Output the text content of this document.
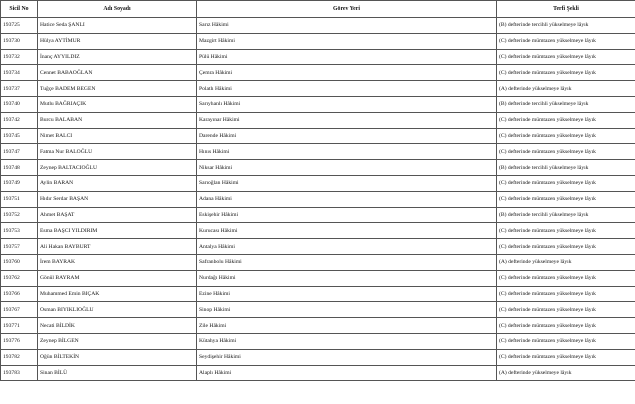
Sicil No	Adı Soyadı	Görev Yeri	Terfi Şekli
193725	Hatice Seda ŞANLI	Sarız Hâkimi	(B) defterinde tercihli yükselmeye lâyık
193730	Hülya AYTİMUR	Mazgirt Hâkimi	(C) defterinde mümtazen yükselmeye lâyık
193732	İnanç AYYILDIZ	Pülü Hâkimi	(C) defterinde mümtazen yükselmeye lâyık
193734	Cennet BABAOĞLAN	Çemra Hâkimi	(C) defterinde mümtazen yükselmeye lâyık
193737	Tuğçe BADEM BEGEN	Polatlı Hâkimi	(A) defterinde yükselmeye lâyık
193740	Mutlu BAĞRIAÇIK	Sarıyhanlı Hâkimi	(B) defterinde tercihli yükselmeye lâyık
193742	Burcu BALABAN	Karayınar Hâkimi	(C) defterinde mümtazen yükselmeye lâyık
193745	Nimet BALCI	Darende Hâkimi	(C) defterinde mümtazen yükselmeye lâyık
193747	Fatma Nur BALOĞLU	Hınıs Hâkimi	(C) defterinde mümtazen yükselmeye lâyık
193748	Zeynep BALTACIOĞLU	Niksar Hâkimi	(B) defterinde tercihli yükselmeye lâyık
193749	Aylin BARAN	Sarıoğlan Hâkimi	(C) defterinde mümtazen yükselmeye lâyık
193751	Hıdır Serdar BAŞAN	Adana Hâkimi	(C) defterinde mümtazen yükselmeye lâyık
193752	Ahmet BAŞAT	Eskişehir Hâkimi	(B) defterinde tercihli yükselmeye lâyık
193753	Esma BAŞCI YILDIRIM	Kurucası Hâkimi	(C) defterinde mümtazen yükselmeye lâyık
193757	Ali Hakan BAYBURT	Antalya Hâkimi	(C) defterinde mümtazen yükselmeye lâyık
193760	İrem BAYRAK	Safranbolu Hâkimi	(A) defterinde yükselmeye lâyık
193762	Gönül BAYRAM	Nurdağı Hâkimi	(C) defterinde mümtazen yükselmeye lâyık
193766	Muhammed Emin BIÇAK	Ezine Hâkimi	(C) defterinde mümtazen yükselmeye lâyık
193767	Osman BIYIKLIOĞLU	Sinop Hâkimi	(C) defterinde mümtazen yükselmeye lâyık
193771	Necati BİLDİK	Zile Hâkimi	(C) defterinde mümtazen yükselmeye lâyık
193776	Zeynep BİLGEN	Kütahya Hâkimi	(C) defterinde mümtazen yükselmeye lâyık
193782	Oğün BİLTEKİN	Seydişehir Hâkimi	(C) defterinde mümtazen yükselmeye lâyık
193783	Sinan BİLÜ	Alaplı Hâkimi	(A) defterinde yükselmeye lâyık
